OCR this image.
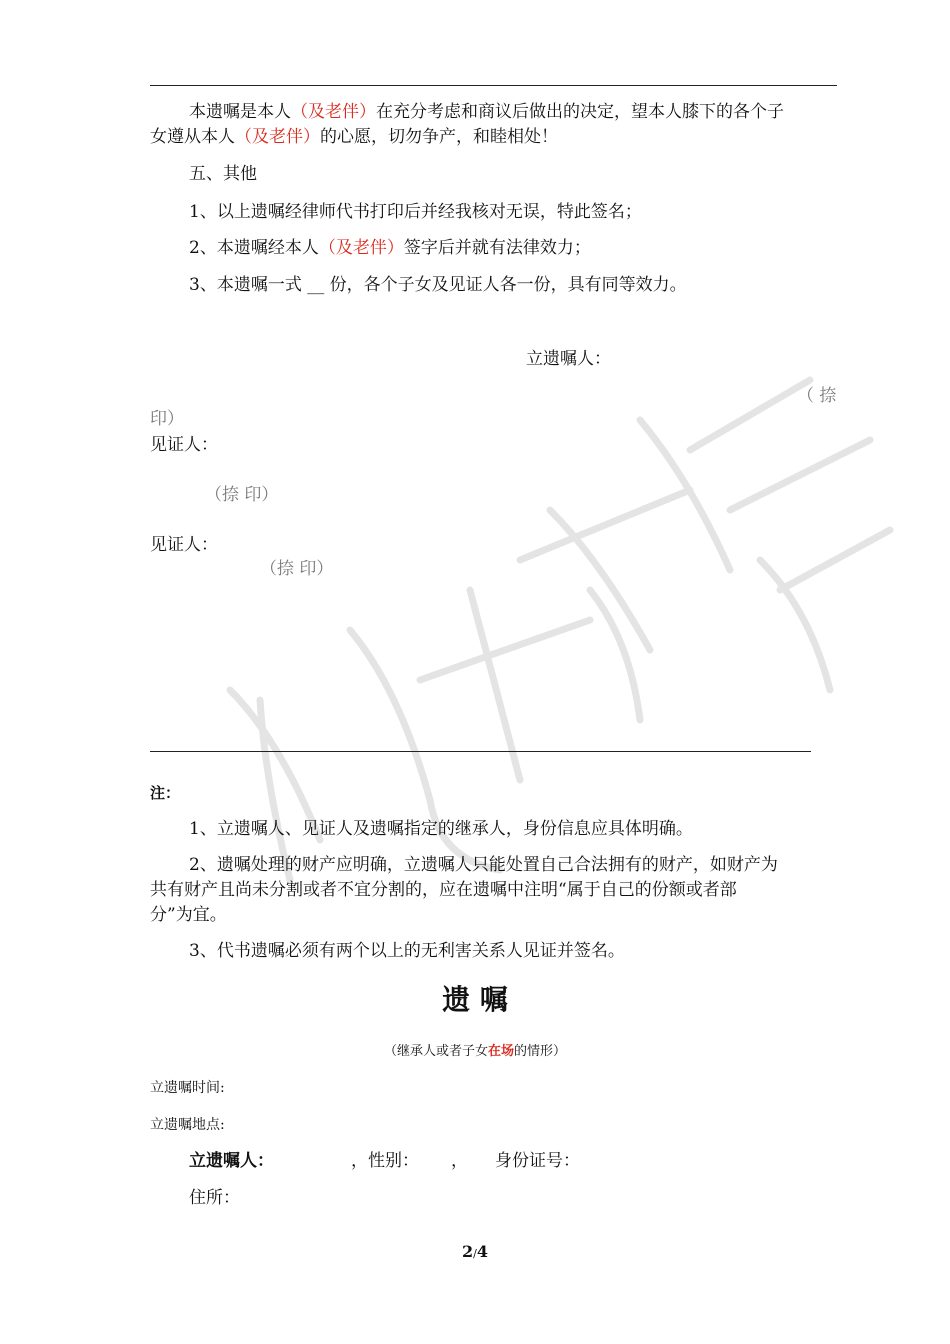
本遗嘱是本人（及老伴）在充分考虑和商议后做出的决定，望本人膝下的各个子
女遵从本人（及老伴）的心愿，切勿争产，和睦相处！
五、其他
1、以上遗嘱经律师代书打印后并经我核对无误，特此签名；
2、本遗嘱经本人（及老伴）签字后并就有法律效力；
3、本遗嘱一式 __ 份，各个子女及见证人各一份，具有同等效力。
立遗嘱人：
（ 捺
印）
见证人：
（捺 印）
见证人：
（捺 印）
注：
1、立遗嘱人、见证人及遗嘱指定的继承人，身份信息应具体明确。
2、遗嘱处理的财产应明确，立遗嘱人只能处置自己合法拥有的财产，如财产为
共有财产且尚未分割或者不宜分割的，应在遗嘱中注明“属于自己的份额或者部
分”为宜。
3、代书遗嘱必须有两个以上的无利害关系人见证并签名。
遗 嘱
（继承人或者子女在场的情形）
立遗嘱时间:
立遗嘱地点:
立遗嘱人：	，性别： ， 身份证号：
住所：
2/4
